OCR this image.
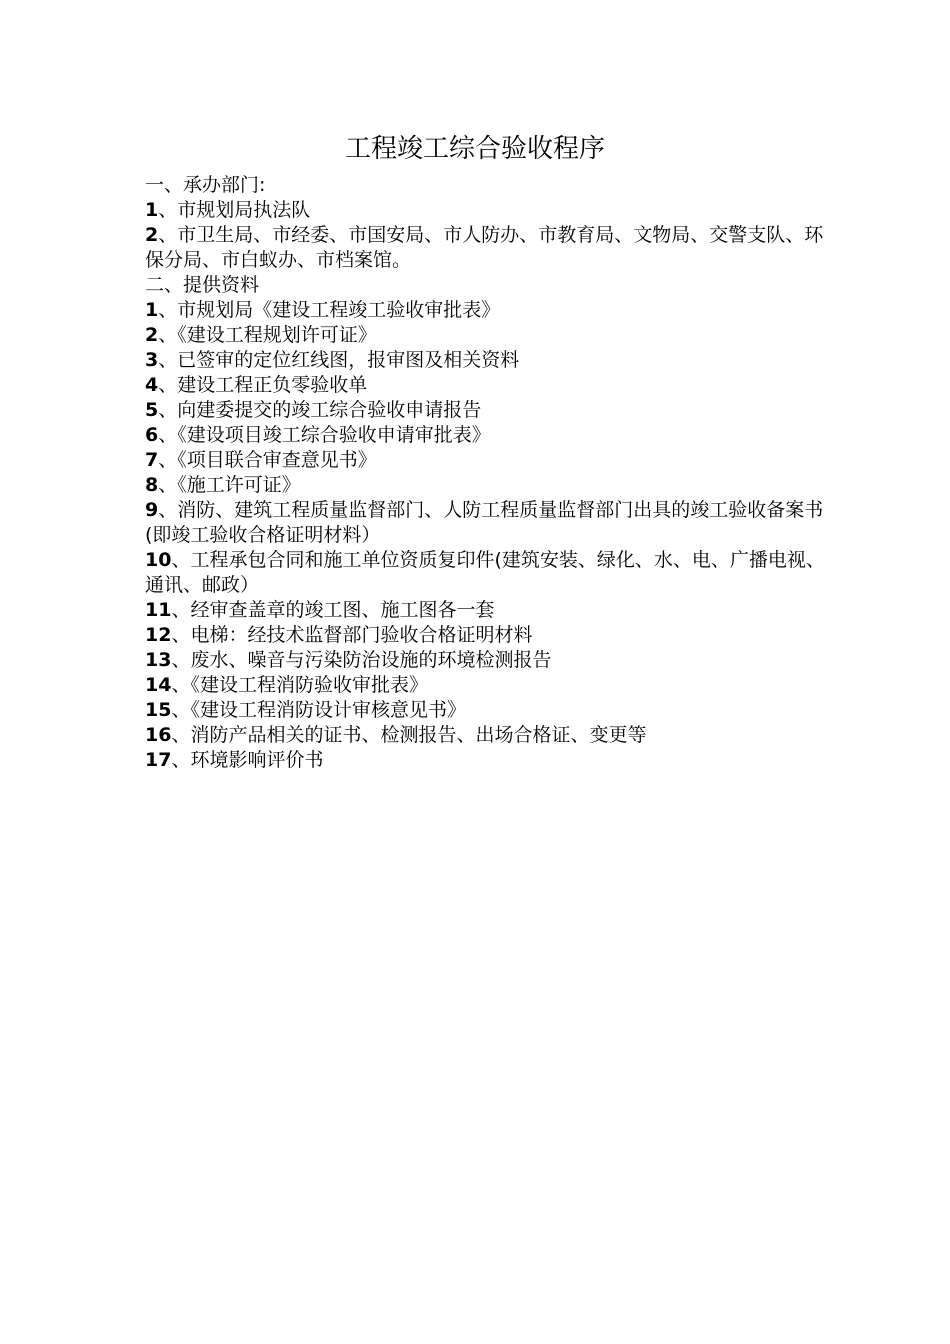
工程竣工综合验收程序

一、承办部门:

1、市规划局执法队

2、市卫生局、市经委、市国安局、市人防办、市教育局、文物局、交警支队、环保分局、市白蚁办、市档案馆。

二、提供资料

1、市规划局《建设工程竣工验收审批表》

2、《建设工程规划许可证》

3、已签审的定位红线图，报审图及相关资料

4、建设工程正负零验收单

5、向建委提交的竣工综合验收申请报告

6、《建设项目竣工综合验收申请审批表》

7、《项目联合审查意见书》

8、《施工许可证》

9、消防、建筑工程质量监督部门、人防工程质量监督部门出具的竣工验收备案书(即竣工验收合格证明材料）

10、工程承包合同和施工单位资质复印件(建筑安装、绿化、水、电、广播电视、通讯、邮政）

11、经审查盖章的竣工图、施工图各一套

12、电梯：经技术监督部门验收合格证明材料

13、废水、噪音与污染防治设施的环境检测报告

14、《建设工程消防验收审批表》

15、《建设工程消防设计审核意见书》

16、消防产品相关的证书、检测报告、出场合格证、变更等

17、环境影响评价书
